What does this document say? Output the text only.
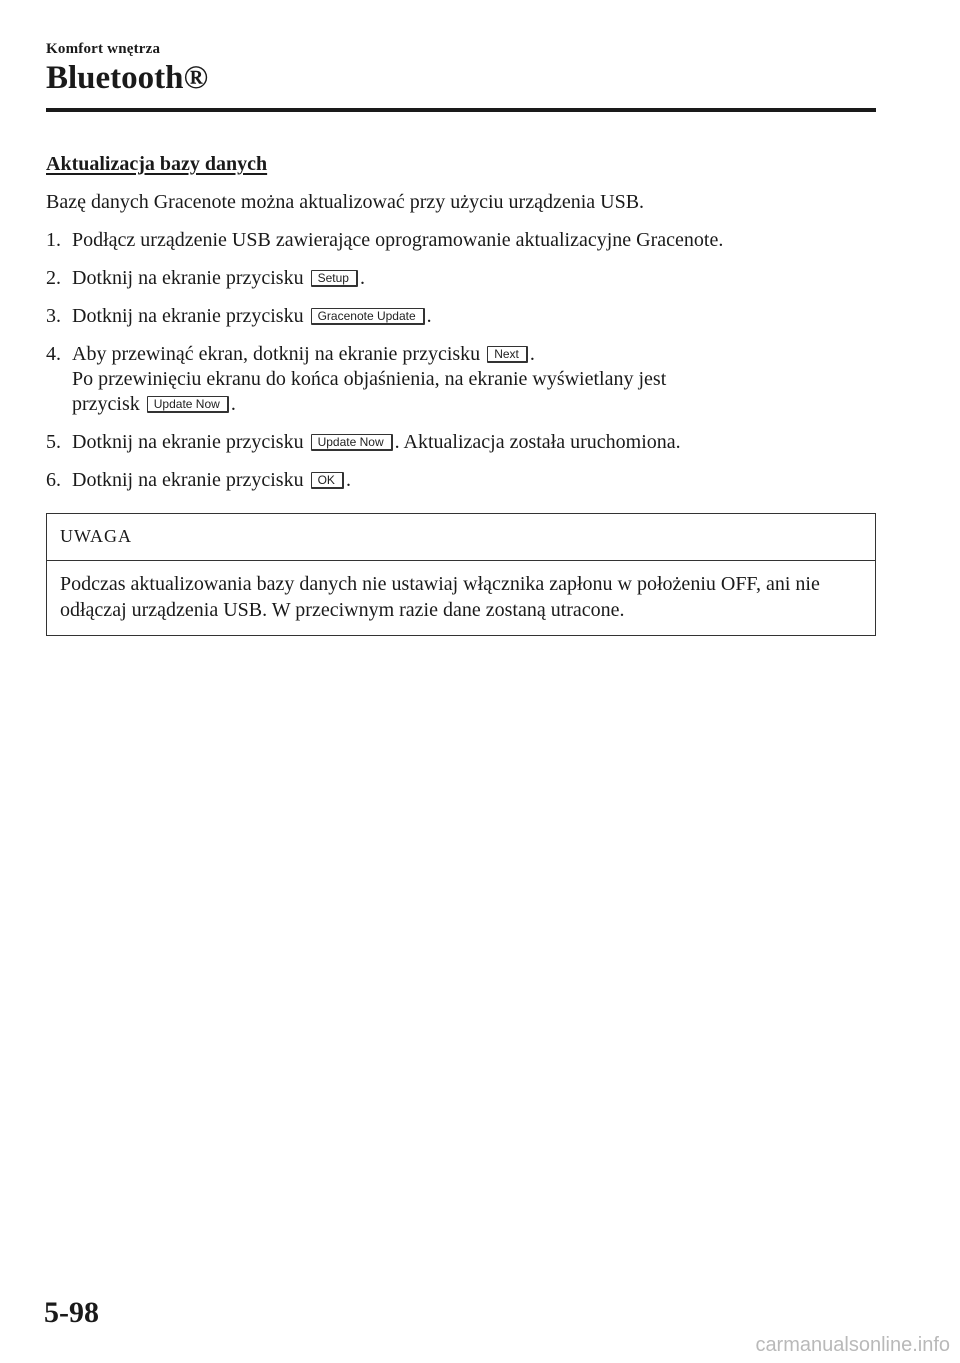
Komfort wnętrza
Bluetooth®
Aktualizacja bazy danych
Bazę danych Gracenote można aktualizować przy użyciu urządzenia USB.
1. Podłącz urządzenie USB zawierające oprogramowanie aktualizacyjne Gracenote.
2. Dotknij na ekranie przycisku Setup .
3. Dotknij na ekranie przycisku Gracenote Update .
4. Aby przewinąć ekran, dotknij na ekranie przycisku Next .
Po przewinięciu ekranu do końca objaśnienia, na ekranie wyświetlany jest
przycisk Update Now .
5. Dotknij na ekranie przycisku Update Now . Aktualizacja została uruchomiona.
6. Dotknij na ekranie przycisku OK .
UWAGA
Podczas aktualizowania bazy danych nie ustawiaj włącznika zapłonu w położeniu OFF, ani nie odłączaj urządzenia USB. W przeciwnym razie dane zostaną utracone.
5-98
carmanualsonline.info
